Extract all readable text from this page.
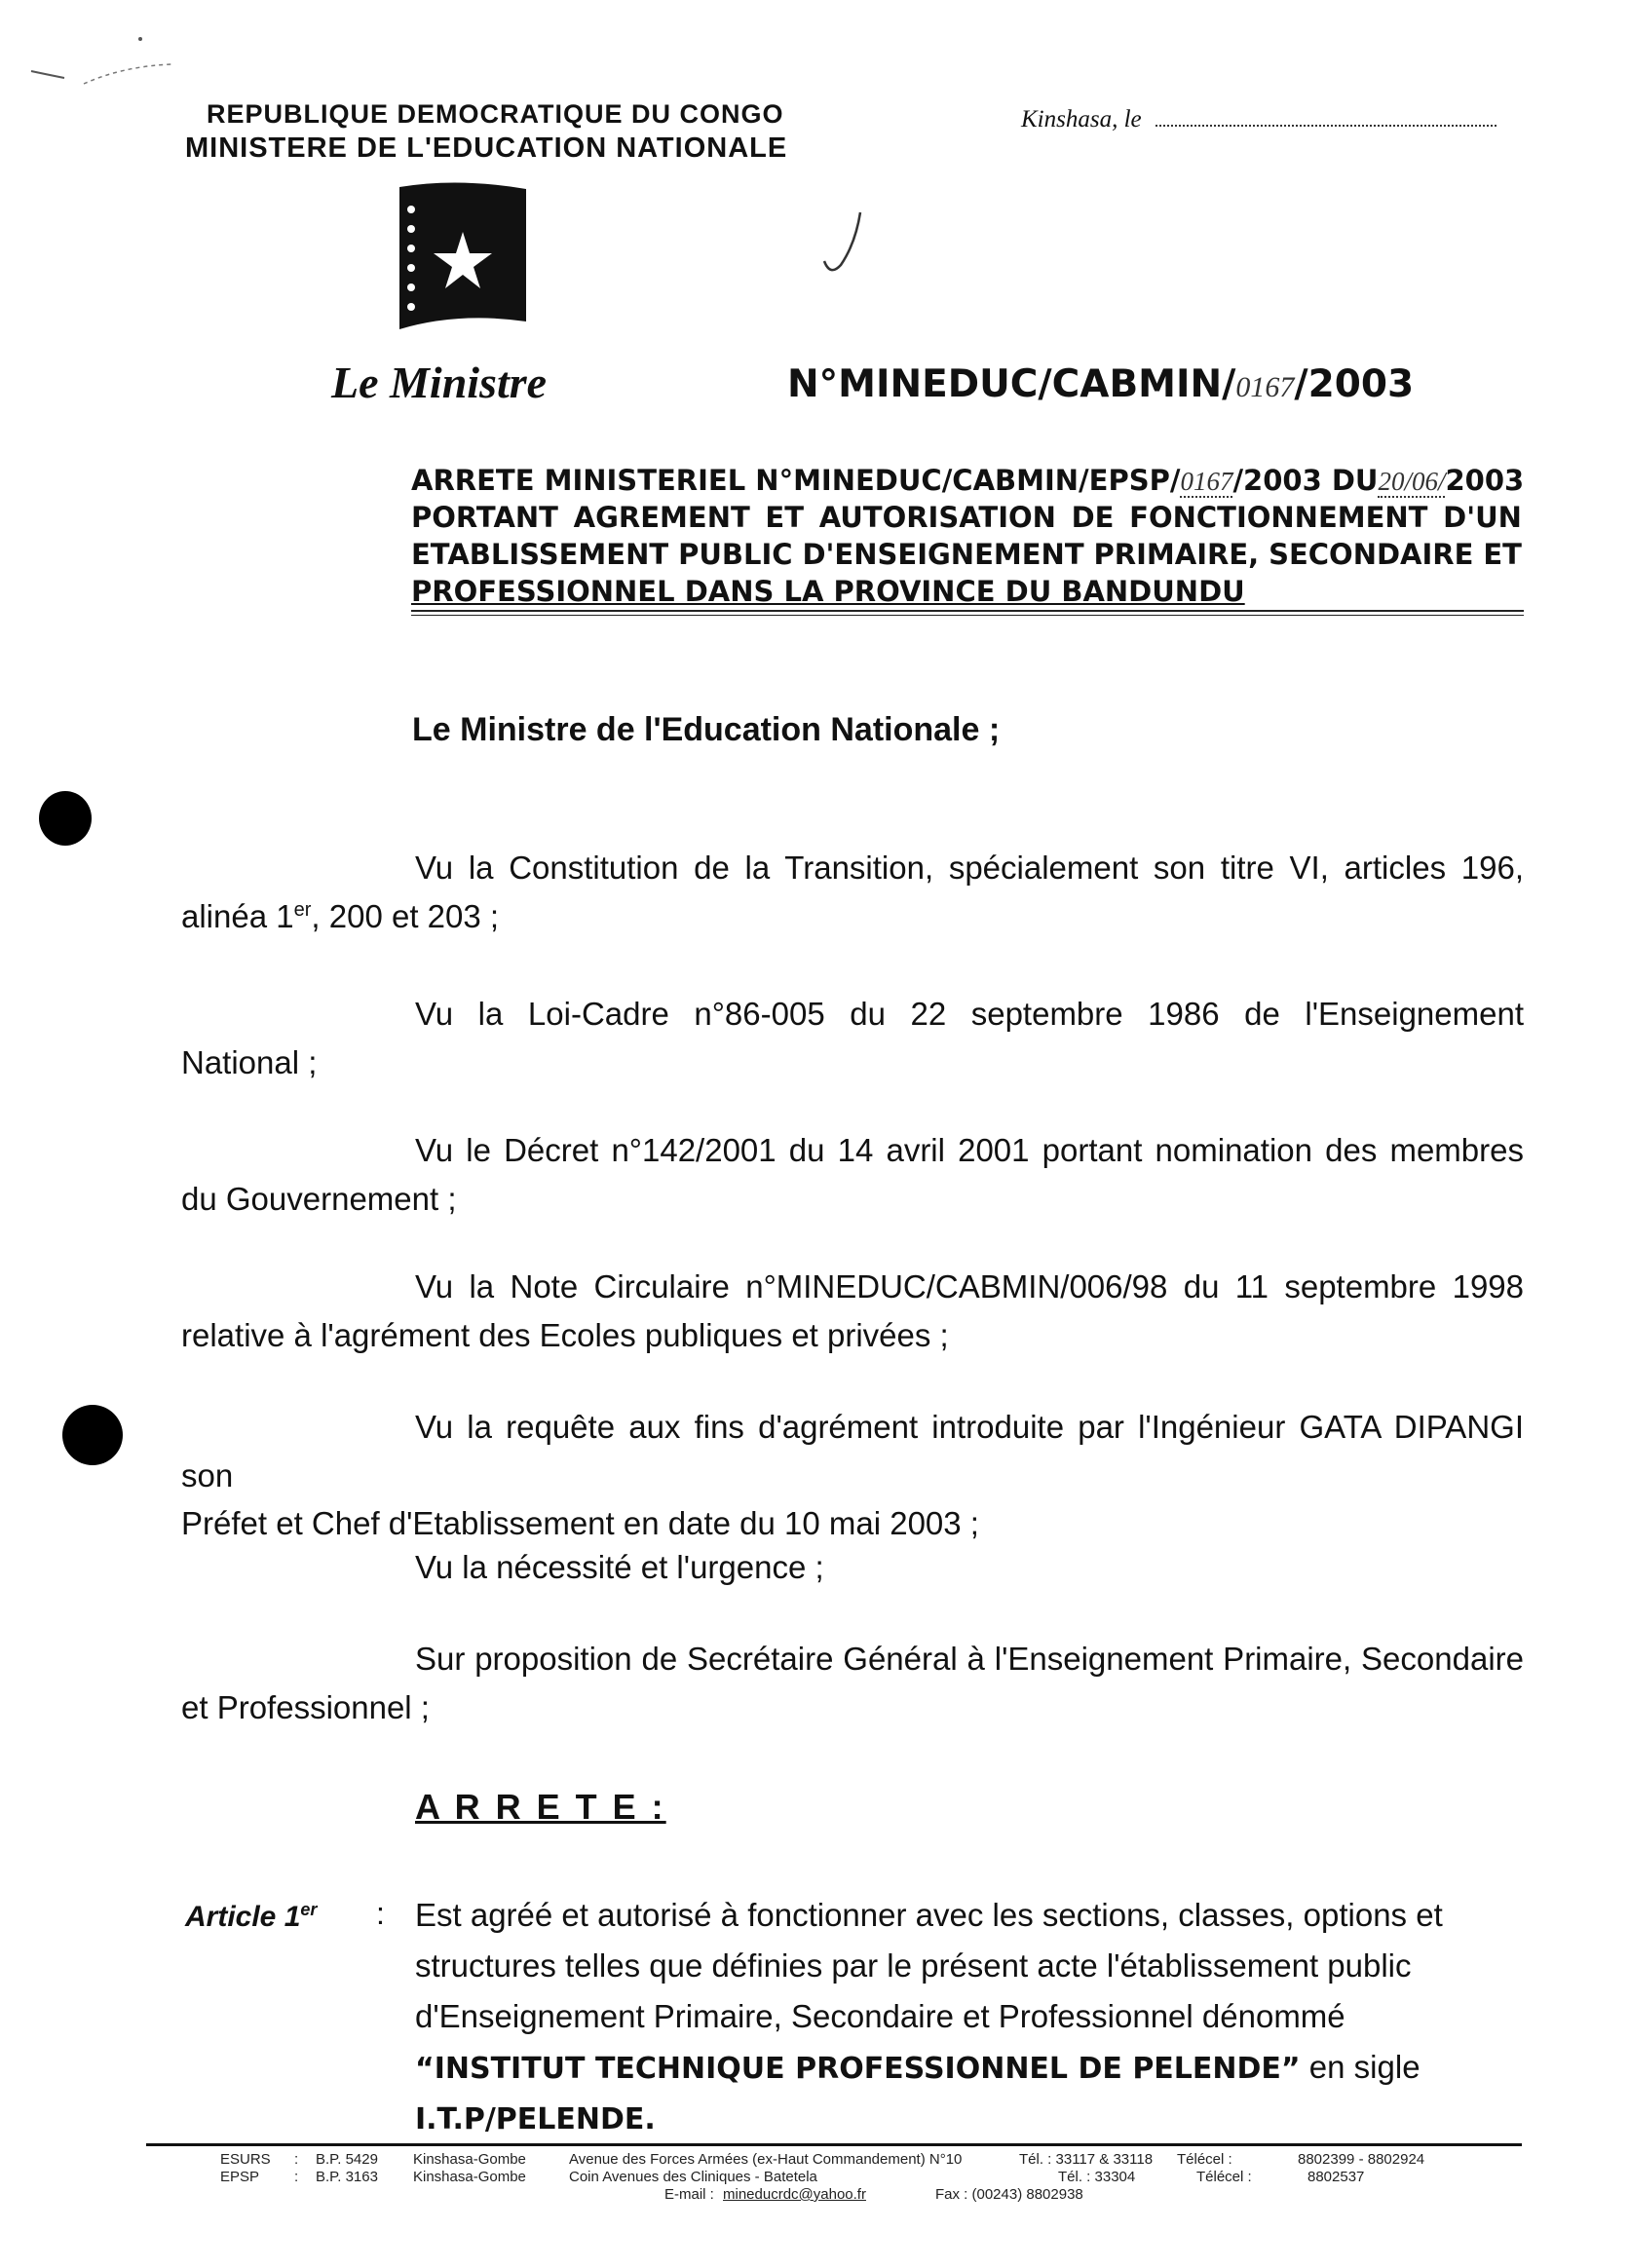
REPUBLIQUE DEMOCRATIQUE DU CONGO
MINISTERE DE L'EDUCATION NATIONALE
Kinshasa, le
Le Ministre	N°MINEDUC/CABMIN/0167/2003
ARRETE MINISTERIEL N°MINEDUC/CABMIN/EPSP/0167/2003 DU20/06/2003
PORTANT AGREMENT ET AUTORISATION DE FONCTIONNEMENT D'UN
ETABLISSEMENT PUBLIC D'ENSEIGNEMENT PRIMAIRE, SECONDAIRE ET
PROFESSIONNEL DANS LA PROVINCE DU BANDUNDU
Le Ministre de l'Education Nationale ;
Vu la Constitution de la Transition, spécialement son titre VI, articles 196,
alinéa 1er, 200 et 203 ;
Vu la Loi-Cadre n°86-005 du 22 septembre 1986 de l'Enseignement
National ;
Vu le Décret n°142/2001 du 14 avril 2001 portant nomination des membres
du Gouvernement ;
Vu la Note Circulaire n°MINEDUC/CABMIN/006/98 du 11 septembre 1998
relative à l'agrément des Ecoles publiques et privées ;
Vu la requête aux fins d'agrément introduite par l'Ingénieur GATA DIPANGI son
Préfet et Chef d'Etablissement en date du 10 mai 2003 ;
Vu la nécessité et l'urgence ;
Sur proposition de Secrétaire Général à l'Enseignement Primaire, Secondaire
et Professionnel ;
A R R E T E :
Article 1er : Est agréé et autorisé à fonctionner avec les sections, classes, options et
structures telles que définies par le présent acte l'établissement public
d'Enseignement Primaire, Secondaire et Professionnel dénommé
“INSTITUT TECHNIQUE PROFESSIONNEL DE PELENDE” en sigle
I.T.P/PELENDE.
ESURS : B.P. 5429 Kinshasa-Gombe	Avenue des Forces Armées (ex-Haut Commandement) N°10	Tél. : 33117 & 33118 Télécel :	8802399 - 8802924
EPSP : B.P. 3163 Kinshasa-Gombe	Coin Avenues des Cliniques - Batetela	Tél. : 33304	Télécel :	8802537
E-mail : mineducrdc@yahoo.fr	Fax : (00243) 8802938
